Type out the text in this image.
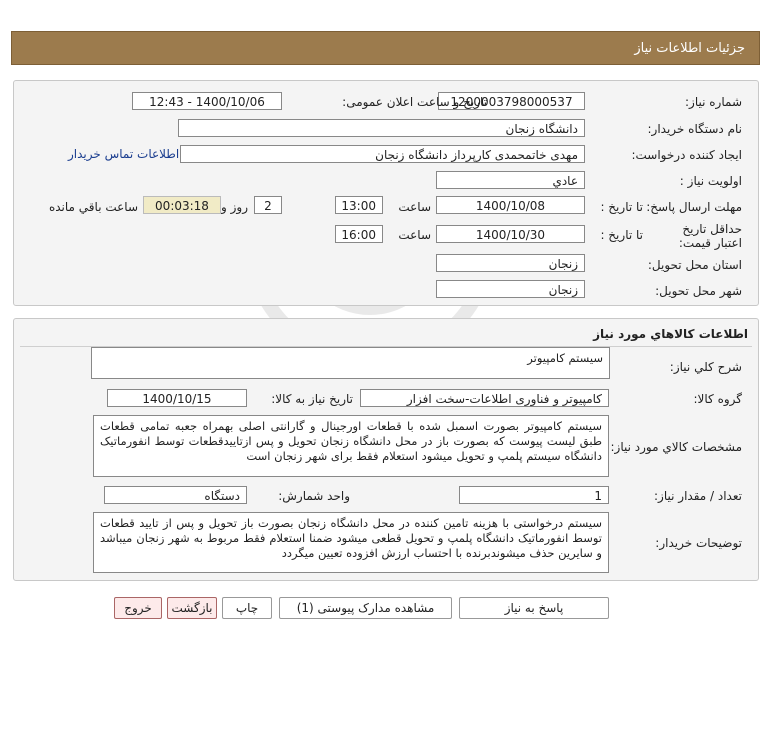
جزئیات اطلاعات نیاز
شماره نیاز:
1200003798000537
تاریخ و ساعت اعلان عمومی:
1400/10/06 - 12:43
نام دستگاه خریدار:
دانشگاه زنجان
ایجاد کننده درخواست:
مهدی خاتمحمدی کارپرداز دانشگاه زنجان
اطلاعات تماس خریدار
اولویت نیاز :
عادي
مهلت ارسال پاسخ:
تا تاریخ :
1400/10/08
ساعت
13:00
2
روز و
00:03:18
ساعت باقي مانده
حداقل تاریخ اعتبار قیمت:
تا تاریخ :
1400/10/30
ساعت
16:00
استان محل تحویل:
زنجان
شهر محل تحویل:
زنجان
اطلاعات کالاهاي مورد نياز
شرح کلي نياز:
سیستم کامپیوتر
گروه کالا:
کامپیوتر و فناوری اطلاعات-سخت افزار
تاریخ نیاز به کالا:
1400/10/15
مشخصات کالاي مورد نياز:
سیستم کامپیوتر بصورت اسمبل شده با قطعات اورجینال و گارانتی اصلی بهمراه جعبه تمامی قطعات طبق لیست پیوست که بصورت باز در محل دانشگاه زنجان تحویل و پس ازتاییدقطعات توسط انفورماتیک دانشگاه سیستم پلمپ و تحویل میشود استعلام فقط برای شهر زنجان است
تعداد / مقدار نیاز:
1
واحد شمارش:
دستگاه
توضیحات خریدار:
سیستم درخواستی با هزینه تامین کننده در محل دانشگاه زنجان بصورت باز تحویل و پس از تایید قطعات توسط انفورماتیک دانشگاه پلمپ و تحویل قطعی میشود ضمنا استعلام فقط مربوط به شهر زنجان میباشد و سایرین حذف میشوندبرنده با احتساب ارزش افزوده تعیین میگردد
پاسخ به نیاز
مشاهده مدارک پیوستی (1)
چاپ
بازگشت
خروج
